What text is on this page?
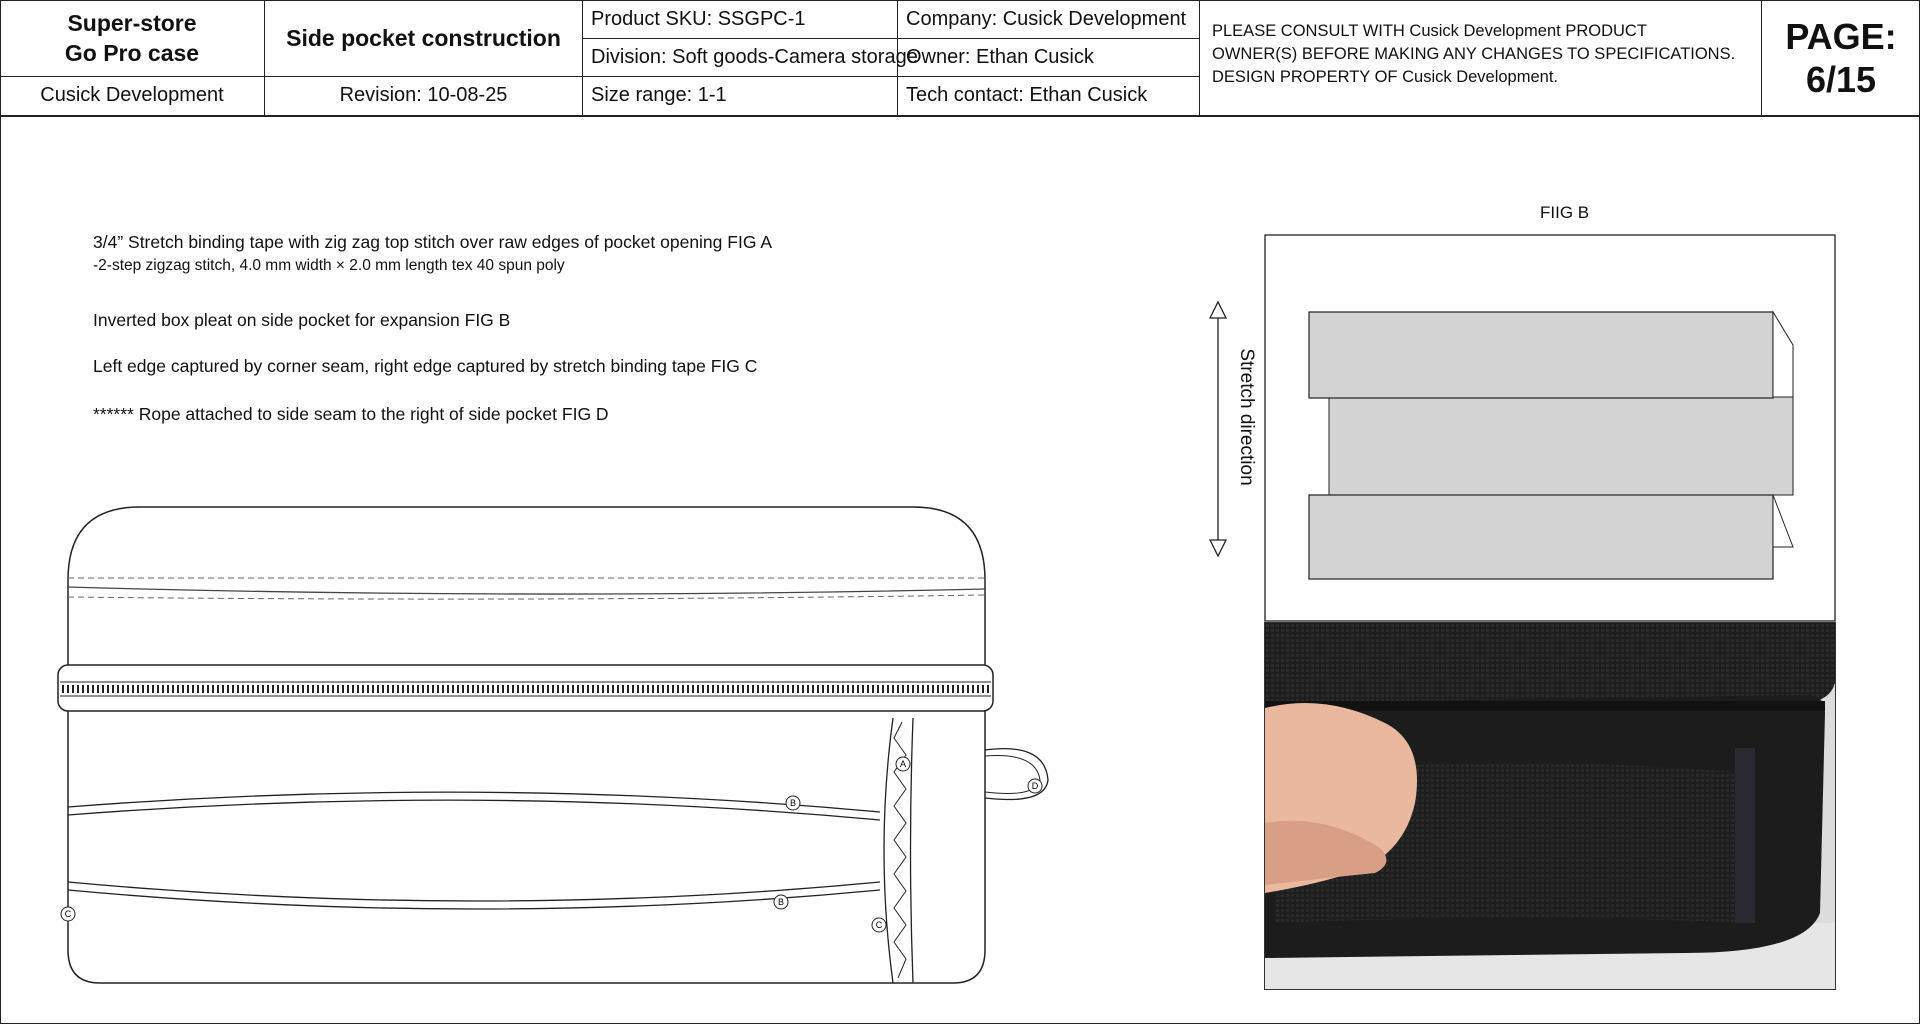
Super-store
Go Pro case
Cusick Development
Side pocket construction
Revision: 10-08-25
Product SKU: SSGPC-1
Division: Soft goods-Camera storage
Size range: 1-1
Company: Cusick Development
Owner: Ethan Cusick
Tech contact: Ethan Cusick
PLEASE CONSULT WITH Cusick Development PRODUCT
OWNER(S) BEFORE MAKING ANY CHANGES TO SPECIFICATIONS.
DESIGN PROPERTY OF Cusick Development.
PAGE:
6/15
3/4” Stretch binding tape with zig zag top stitch over raw edges of pocket opening FIG A
-2-step zigzag stitch, 4.0 mm width × 2.0 mm length tex 40 spun poly
Inverted box pleat on side pocket for expansion FIG B
Left edge captured by corner seam, right edge captured by stretch binding tape FIG C
****** Rope attached to side seam to the right of side pocket FIG D
A
B
B
C
C
D
FIIG B
Stretch direction
